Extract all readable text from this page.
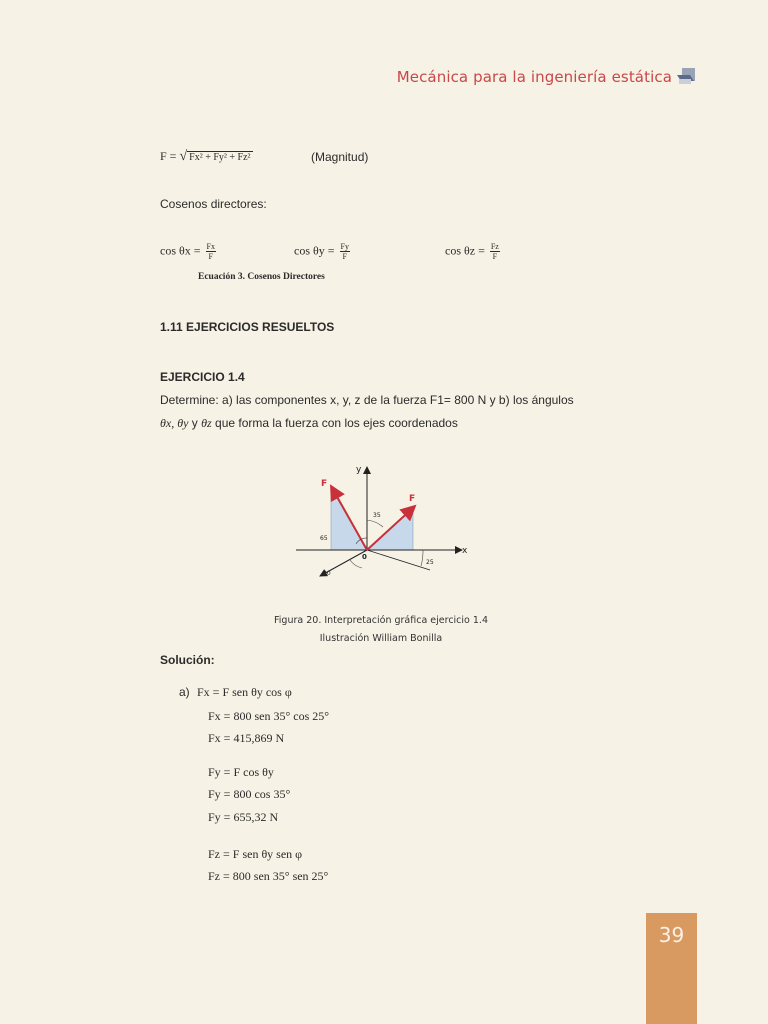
Mecánica para la ingeniería estática
F = √ Fx² + Fy² + Fz²	(Magnitud)
Cosenos directores:
$\cos \theta x = \frac{Fx}{F}$	$\cos \theta y = \frac{Fy}{F}$	$\cos \theta z = \frac{Fz}{F}$
Ecuación 3. Cosenos Directores
1.11 EJERCICIOS RESUELTOS
EJERCICIO 1.4
Determine: a) las componentes x, y, z de la fuerza F1= 800 N y b) los ángulos
θx, θy y θz que forma la fuerza con los ejes coordenados
y
x
0
F
F
35
65
20
25
Figura 20. Interpretación gráfica ejercicio 1.4
Ilustración William Bonilla
Solución:
a) Fx = F sen θy cos φ
Fx = 800 sen 35° cos 25°
Fx = 415,869 N
Fy = F cos θy
Fy = 800 cos 35°
Fy = 655,32 N
Fz = F sen θy sen φ
Fz = 800 sen 35° sen 25°
39
